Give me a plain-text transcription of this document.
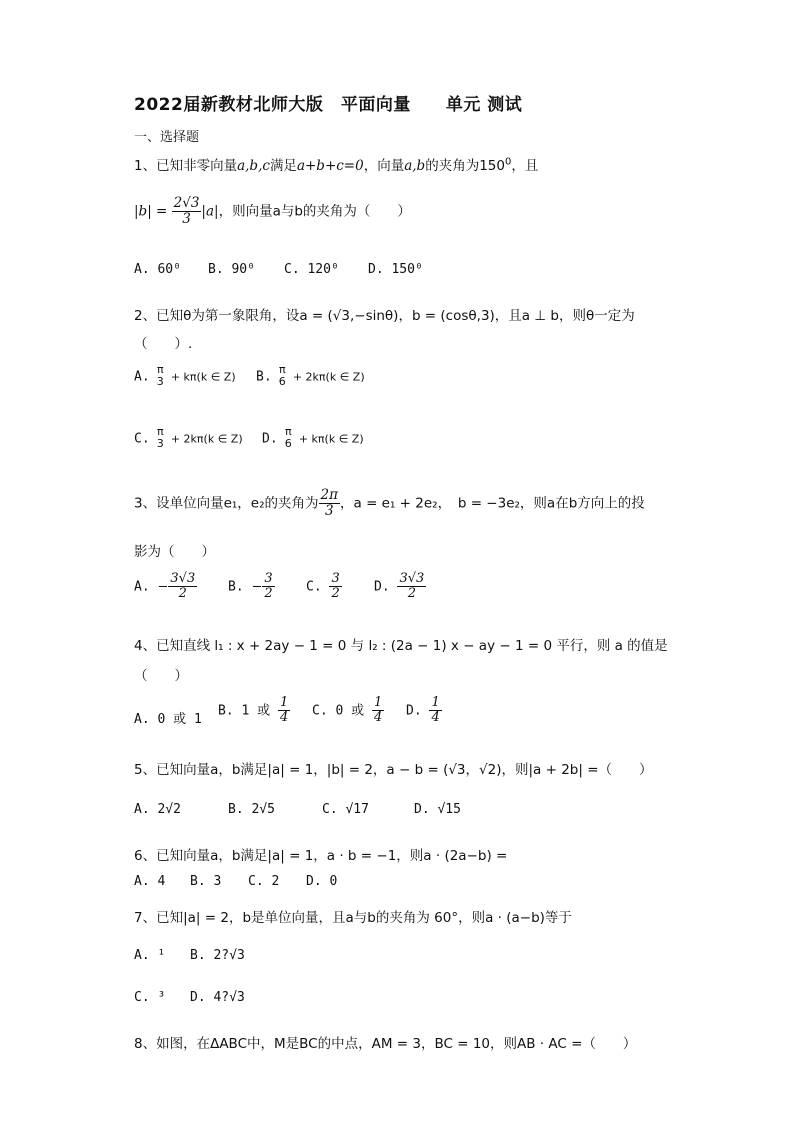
2022届新教材北师大版　平面向量　　单元 测试
一、选择题
1、已知非零向量a,b,c满足a+b+c=0，向量a,b的夹角为$150^0$，且
$|b| = \frac{2√3}{3} |a|$，则向量a与b的夹角为（　　）
A. 60⁰ B. 90⁰ C. 120⁰ D. 150⁰
2、已知θ为第一象限角，设a = (√3,−sinθ)，b = (cosθ,3)，且a ⊥ b，则θ一定为
（　　）.
A.
π
3 + kπ(k ∈ Z) B.
π
6 + 2kπ(k ∈ Z)
C.
π
3 + 2kπ(k ∈ Z) D.
π
6 + kπ(k ∈ Z)
3、设单位向量e₁，e₂的夹角为 $\frac{2\pi}{3}$ ，a = e₁ + 2e₂，　b = −3e₂，则a在b方向上的投
影为（　　）
A. − $\frac{3√3}{2} B$. − $\frac{3}{2} C$. $\frac{3}{2} D$. $\frac{3√3}{2}$
4、已知直线 l₁ : x + 2ay − 1 = 0 与 l₂ : (2a − 1) x − ay − 1 = 0 平行，则 a 的值是
（　　）
A. 0 或 1
B. 1 或 $\frac{1}{4} C$. 0 或 $\frac{1}{4} D$. $\frac{1}{4}$
5、已知向量a，b满足|a| = 1，|b| = 2，a − b = (√3，√2)，则|a + 2b| =（　　）
A. 2√2	B. 2√5	C. √17	D. √15
6、已知向量a，b满足|a| = 1，a · b = −1，则a · (2a−b) =
A. 4 B. 3 C. 2 D. 0
7、已知|a| = 2，b是单位向量，且a与b的夹角为 60°，则a · (a−b)等于
A. ¹ B. 2?√3
C. ³ D. 4?√3
8、如图，在ΔABC中，M是BC的中点，AM = 3，BC = 10，则AB · AC =（　　）
